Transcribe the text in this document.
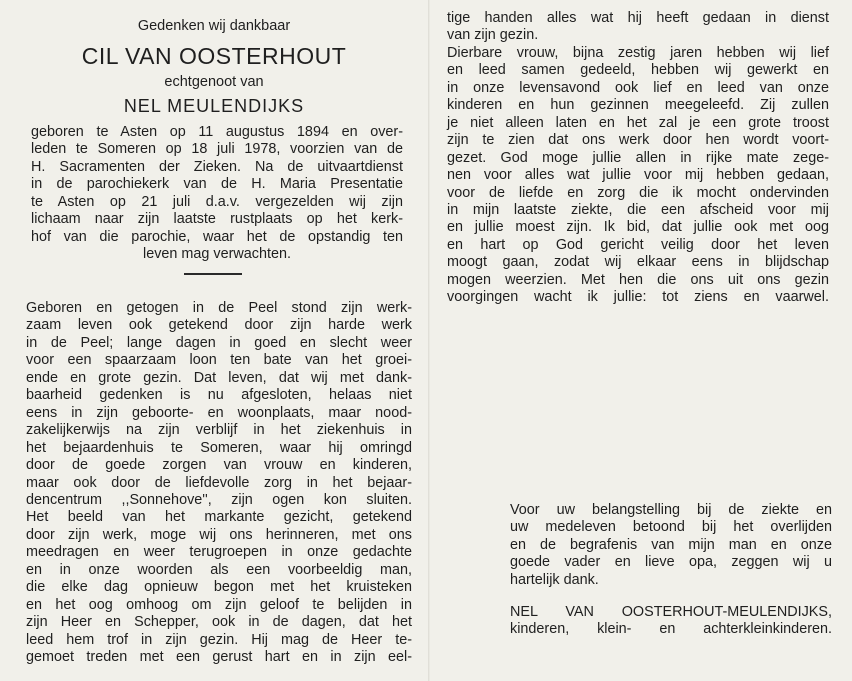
Gedenken wij dankbaar
CIL VAN OOSTERHOUT
echtgenoot van
NEL MEULENDIJKS
geboren te Asten op 11 augustus 1894 en over-
leden te Someren op 18 juli 1978, voorzien van de
H. Sacramenten der Zieken. Na de uitvaartdienst
in de parochiekerk van de H. Maria Presentatie
te Asten op 21 juli d.a.v. vergezelden wij zijn
lichaam naar zijn laatste rustplaats op het kerk-
hof van die parochie, waar het de opstandig ten
leven mag verwachten.
Geboren en getogen in de Peel stond zijn werk-
zaam leven ook getekend door zijn harde werk
in de Peel; lange dagen in goed en slecht weer
voor een spaarzaam loon ten bate van het groei-
ende en grote gezin. Dat leven, dat wij met dank-
baarheid gedenken is nu afgesloten, helaas niet
eens in zijn geboorte- en woonplaats, maar nood-
zakelijkerwijs na zijn verblijf in het ziekenhuis in
het bejaardenhuis te Someren, waar hij omringd
door de goede zorgen van vrouw en kinderen,
maar ook door de liefdevolle zorg in het bejaar-
dencentrum ,,Sonnehove'', zijn ogen kon sluiten.
Het beeld van het markante gezicht, getekend
door zijn werk, moge wij ons herinneren, met ons
meedragen en weer terugroepen in onze gedachte
en in onze woorden als een voorbeeldig man,
die elke dag opnieuw begon met het kruisteken
en het oog omhoog om zijn geloof te belijden in
zijn Heer en Schepper, ook in de dagen, dat het
leed hem trof in zijn gezin. Hij mag de Heer te-
gemoet treden met een gerust hart en in zijn eel-
tige handen alles wat hij heeft gedaan in dienst
van zijn gezin.
Dierbare vrouw, bijna zestig jaren hebben wij lief
en leed samen gedeeld, hebben wij gewerkt en
in onze levensavond ook lief en leed van onze
kinderen en hun gezinnen meegeleefd. Zij zullen
je niet alleen laten en het zal je een grote troost
zijn te zien dat ons werk door hen wordt voort-
gezet. God moge jullie allen in rijke mate zege-
nen voor alles wat jullie voor mij hebben gedaan,
voor de liefde en zorg die ik mocht ondervinden
in mijn laatste ziekte, die een afscheid voor mij
en jullie moest zijn. Ik bid, dat jullie ook met oog
en hart op God gericht veilig door het leven
moogt gaan, zodat wij elkaar eens in blijdschap
mogen weerzien. Met hen die ons uit ons gezin
voorgingen wacht ik jullie: tot ziens en vaarwel.
Voor uw belangstelling bij de ziekte en
uw medeleven betoond bij het overlijden
en de begrafenis van mijn man en onze
goede vader en lieve opa, zeggen wij u
hartelijk dank.
NEL VAN OOSTERHOUT-MEULENDIJKS,
kinderen, klein- en achterkleinkinderen.
